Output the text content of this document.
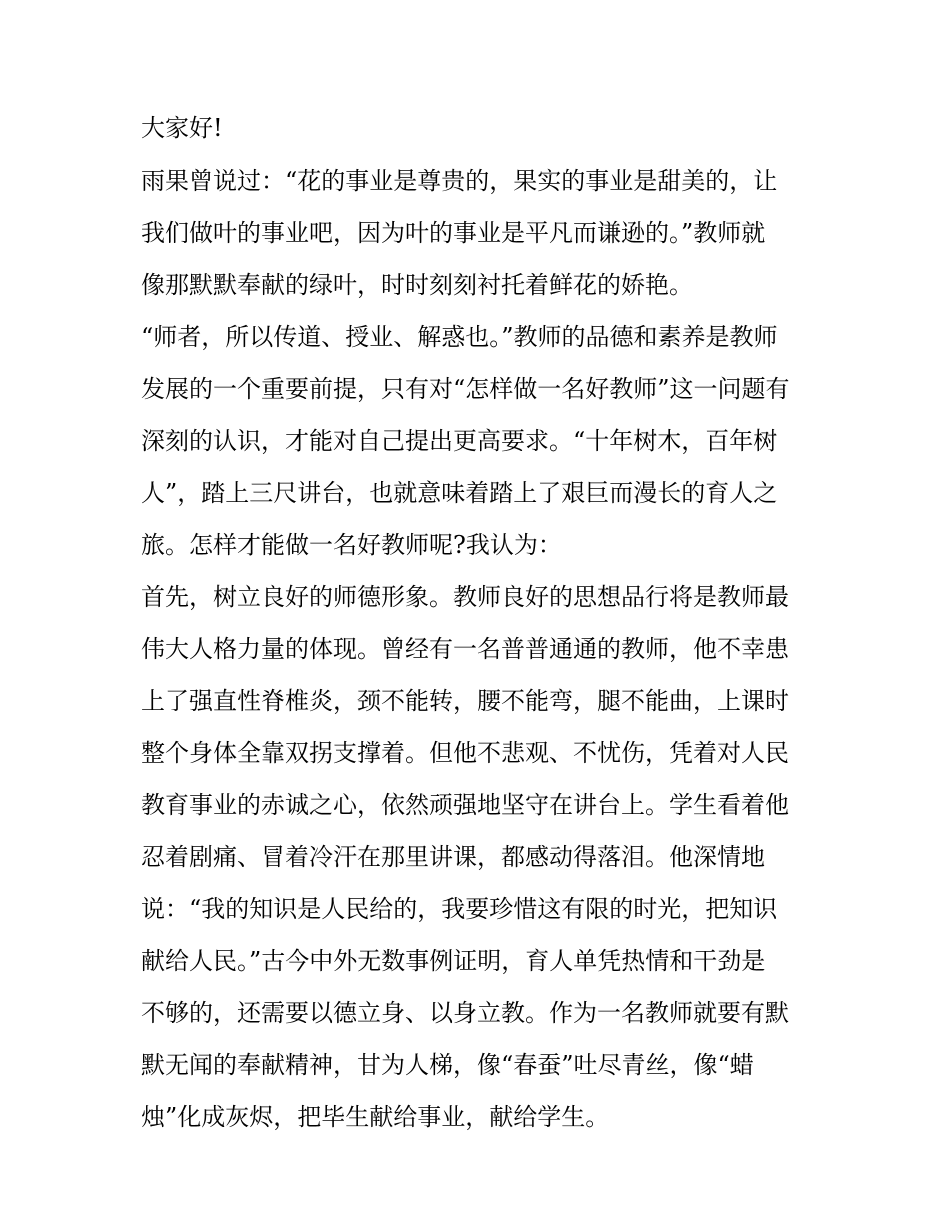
大家好!

雨果曾说过：“花的事业是尊贵的，果实的事业是甜美的，让

我们做叶的事业吧，因为叶的事业是平凡而谦逊的。”教师就

像那默默奉献的绿叶，时时刻刻衬托着鲜花的娇艳。

“师者，所以传道、授业、解惑也。”教师的品德和素养是教师

发展的一个重要前提，只有对“怎样做一名好教师”这一问题有

深刻的认识，才能对自己提出更高要求。“十年树木，百年树

人”，踏上三尺讲台，也就意味着踏上了艰巨而漫长的育人之

旅。怎样才能做一名好教师呢?我认为：

首先，树立良好的师德形象。教师良好的思想品行将是教师最

伟大人格力量的体现。曾经有一名普普通通的教师，他不幸患

上了强直性脊椎炎，颈不能转，腰不能弯，腿不能曲，上课时

整个身体全靠双拐支撑着。但他不悲观、不忧伤，凭着对人民

教育事业的赤诚之心，依然顽强地坚守在讲台上。学生看着他

忍着剧痛、冒着冷汗在那里讲课，都感动得落泪。他深情地

说：“我的知识是人民给的，我要珍惜这有限的时光，把知识

献给人民。”古今中外无数事例证明，育人单凭热情和干劲是

不够的，还需要以德立身、以身立教。作为一名教师就要有默

默无闻的奉献精神，甘为人梯，像“春蚕”吐尽青丝，像“蜡

烛”化成灰烬，把毕生献给事业，献给学生。
